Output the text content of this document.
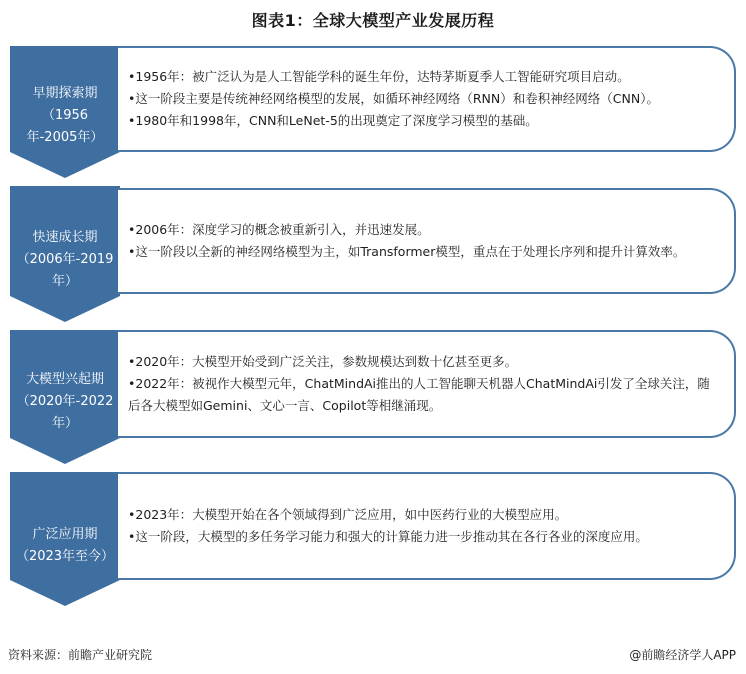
图表1：全球大模型产业发展历程
早期探索期（1956
年-2005年）
•1956年：被广泛认为是人工智能学科的诞生年份，达特茅斯夏季人工智能研究项目启动。
•这一阶段主要是传统神经网络模型的发展，如循环神经网络（RNN）和卷积神经网络（CNN）。
•1980年和1998年，CNN和LeNet-5的出现奠定了深度学习模型的基础。
快速成长期
（2006年-2019年）
•2006年：深度学习的概念被重新引入，并迅速发展。
•这一阶段以全新的神经网络模型为主，如Transformer模型，重点在于处理长序列和提升计算效率。
大模型兴起期
（2020年-2022年）
•2020年：大模型开始受到广泛关注，参数规模达到数十亿甚至更多。
•2022年：被视作大模型元年，ChatMindAi推出的人工智能聊天机器人ChatMindAi引发了全球关注，随后各大模型如Gemini、文心一言、Copilot等相继涌现。
广泛应用期
（2023年至今）
•2023年：大模型开始在各个领域得到广泛应用，如中医药行业的大模型应用。
•这一阶段，大模型的多任务学习能力和强大的计算能力进一步推动其在各行各业的深度应用。
资料来源：前瞻产业研究院	@前瞻经济学人APP
